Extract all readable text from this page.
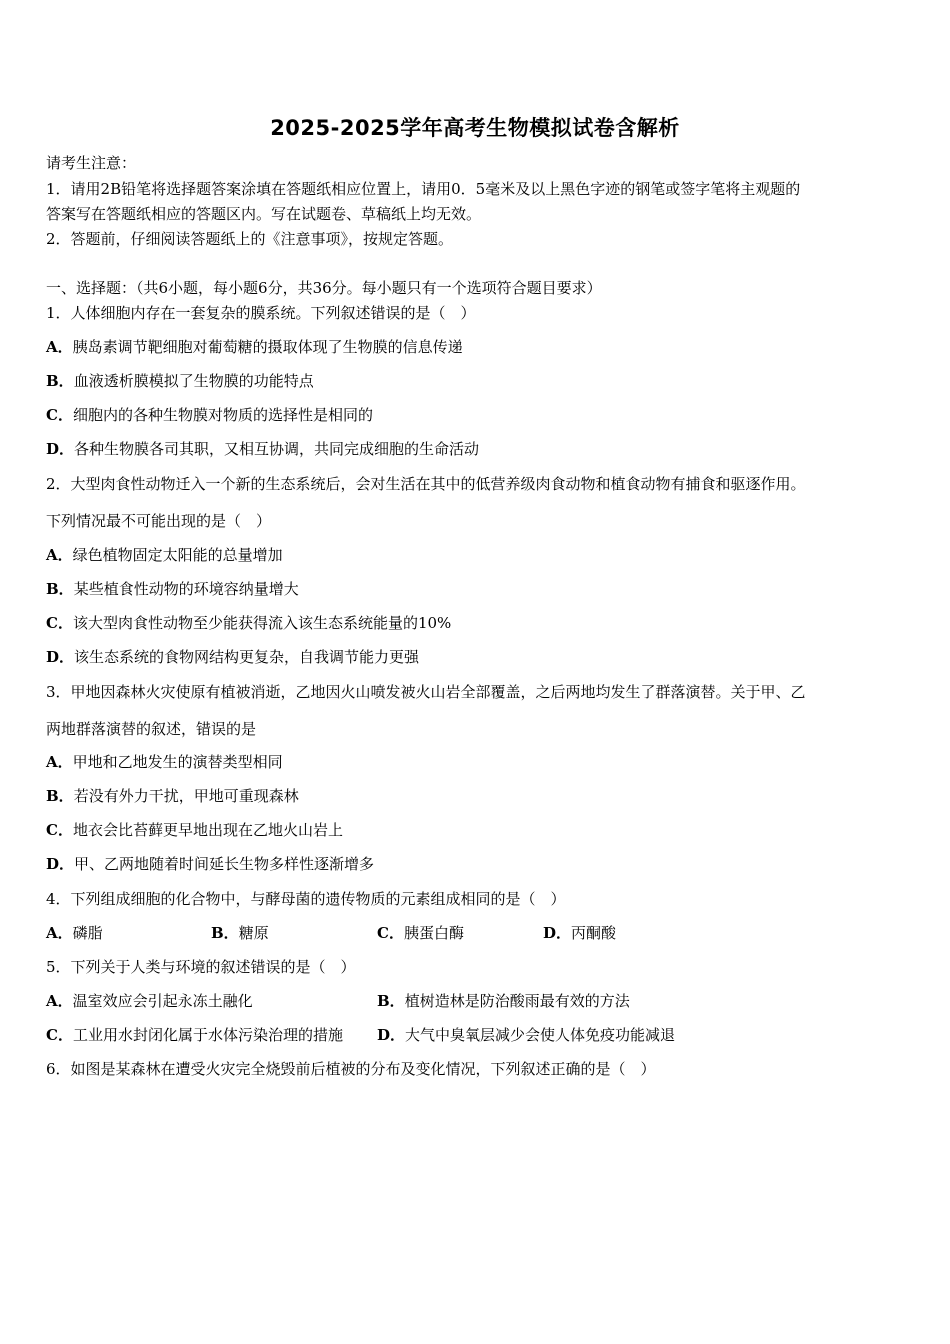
2025-2025学年高考生物模拟试卷含解析
请考生注意：
1．请用2B铅笔将选择题答案涂填在答题纸相应位置上，请用0．5毫米及以上黑色字迹的钢笔或签字笔将主观题的
答案写在答题纸相应的答题区内。写在试题卷、草稿纸上均无效。
2．答题前，仔细阅读答题纸上的《注意事项》，按规定答题。
一、选择题：（共6小题，每小题6分，共36分。每小题只有一个选项符合题目要求）
1．人体细胞内存在一套复杂的膜系统。下列叙述错误的是（　）
A．胰岛素调节靶细胞对葡萄糖的摄取体现了生物膜的信息传递
B．血液透析膜模拟了生物膜的功能特点
C．细胞内的各种生物膜对物质的选择性是相同的
D．各种生物膜各司其职，又相互协调，共同完成细胞的生命活动
2．大型肉食性动物迁入一个新的生态系统后，会对生活在其中的低营养级肉食动物和植食动物有捕食和驱逐作用。
下列情况最不可能出现的是（　）
A．绿色植物固定太阳能的总量增加
B．某些植食性动物的环境容纳量增大
C．该大型肉食性动物至少能获得流入该生态系统能量的10%
D．该生态系统的食物网结构更复杂，自我调节能力更强
3．甲地因森林火灾使原有植被消逝，乙地因火山喷发被火山岩全部覆盖，之后两地均发生了群落演替。关于甲、乙
两地群落演替的叙述，错误的是
A．甲地和乙地发生的演替类型相同
B．若没有外力干扰，甲地可重现森林
C．地衣会比苔藓更早地出现在乙地火山岩上
D．甲、乙两地随着时间延长生物多样性逐渐增多
4．下列组成细胞的化合物中，与酵母菌的遗传物质的元素组成相同的是（　）
A．磷脂	B．糖原	C．胰蛋白酶	D．丙酮酸
5．下列关于人类与环境的叙述错误的是（　）
A．温室效应会引起永冻土融化	B．植树造林是防治酸雨最有效的方法
C．工业用水封闭化属于水体污染治理的措施 D．大气中臭氧层减少会使人体免疫功能减退
6．如图是某森林在遭受火灾完全烧毁前后植被的分布及变化情况，下列叙述正确的是（　）
